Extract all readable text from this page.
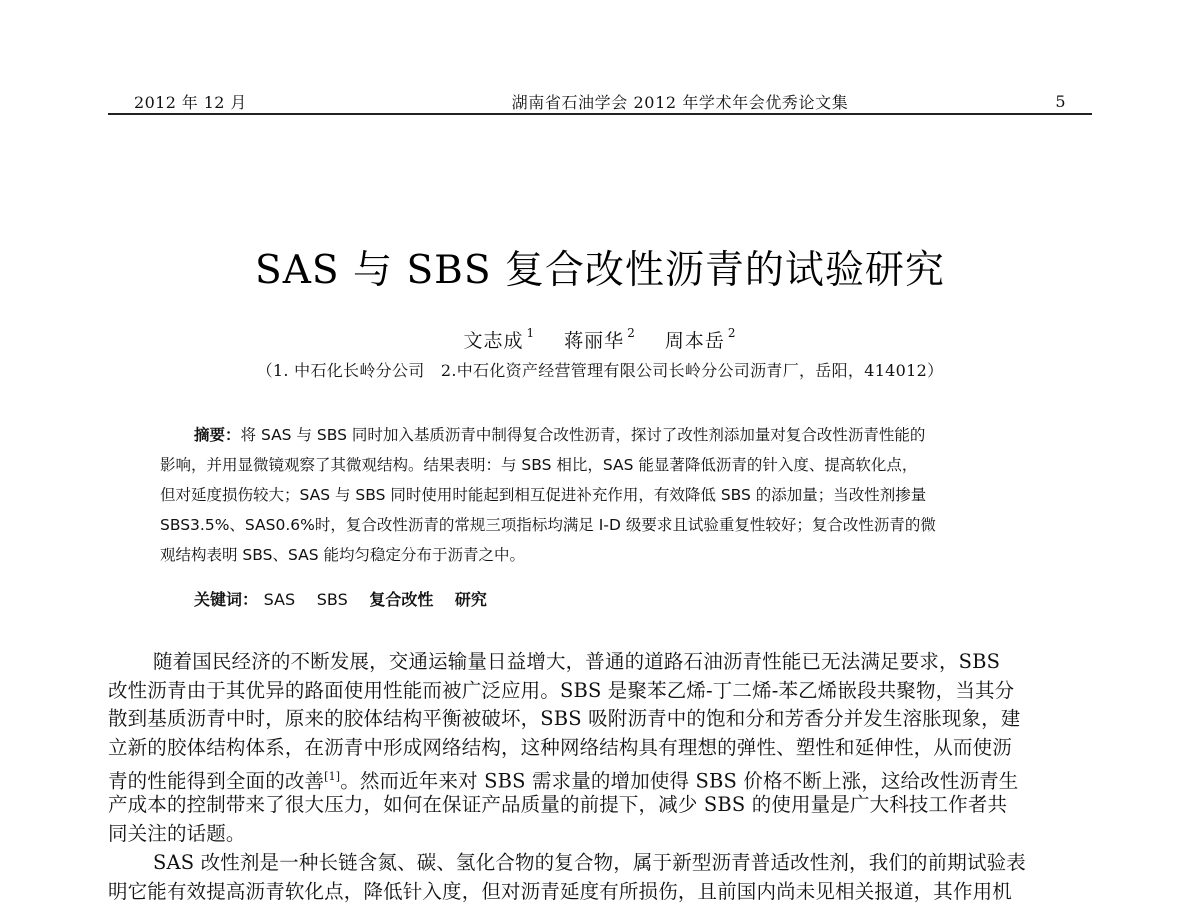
2012 年 12 月	湖南省石油学会 2012 年学术年会优秀论文集	5
SAS 与 SBS 复合改性沥青的试验研究
文志成 $^1$ 蒋丽华 $^2$ 周本岳 $^2$
（1. 中石化长岭分公司　2.中石化资产经营管理有限公司长岭分公司沥青厂，岳阳，414012）
摘要：将 SAS 与 SBS 同时加入基质沥青中制得复合改性沥青，探讨了改性剂添加量对复合改性沥青性能的
影响，并用显微镜观察了其微观结构。结果表明：与 SBS 相比，SAS 能显著降低沥青的针入度、提高软化点，
但对延度损伤较大；SAS 与 SBS 同时使用时能起到相互促进补充作用，有效降低 SBS 的添加量；当改性剂掺量
SBS3.5%、SAS0.6%时，复合改性沥青的常规三项指标均满足 I-D 级要求且试验重复性较好；复合改性沥青的微
观结构表明 SBS、SAS 能均匀稳定分布于沥青之中。
关键词： SAS SBS 复合改性 研究
随着国民经济的不断发展，交通运输量日益增大，普通的道路石油沥青性能已无法满足要求，SBS
改性沥青由于其优异的路面使用性能而被广泛应用。SBS 是聚苯乙烯-丁二烯-苯乙烯嵌段共聚物，当其分
散到基质沥青中时，原来的胶体结构平衡被破坏，SBS 吸附沥青中的饱和分和芳香分并发生溶胀现象，建
立新的胶体结构体系，在沥青中形成网络结构，这种网络结构具有理想的弹性、塑性和延伸性，从而使沥
青的性能得到全面的改善[1]。然而近年来对 SBS 需求量的增加使得 SBS 价格不断上涨，这给改性沥青生
产成本的控制带来了很大压力，如何在保证产品质量的前提下，减少 SBS 的使用量是广大科技工作者共
同关注的话题。
SAS 改性剂是一种长链含氮、碳、氢化合物的复合物，属于新型沥青普适改性剂，我们的前期试验表
明它能有效提高沥青软化点，降低针入度，但对沥青延度有所损伤，且前国内尚未见相关报道，其作用机
